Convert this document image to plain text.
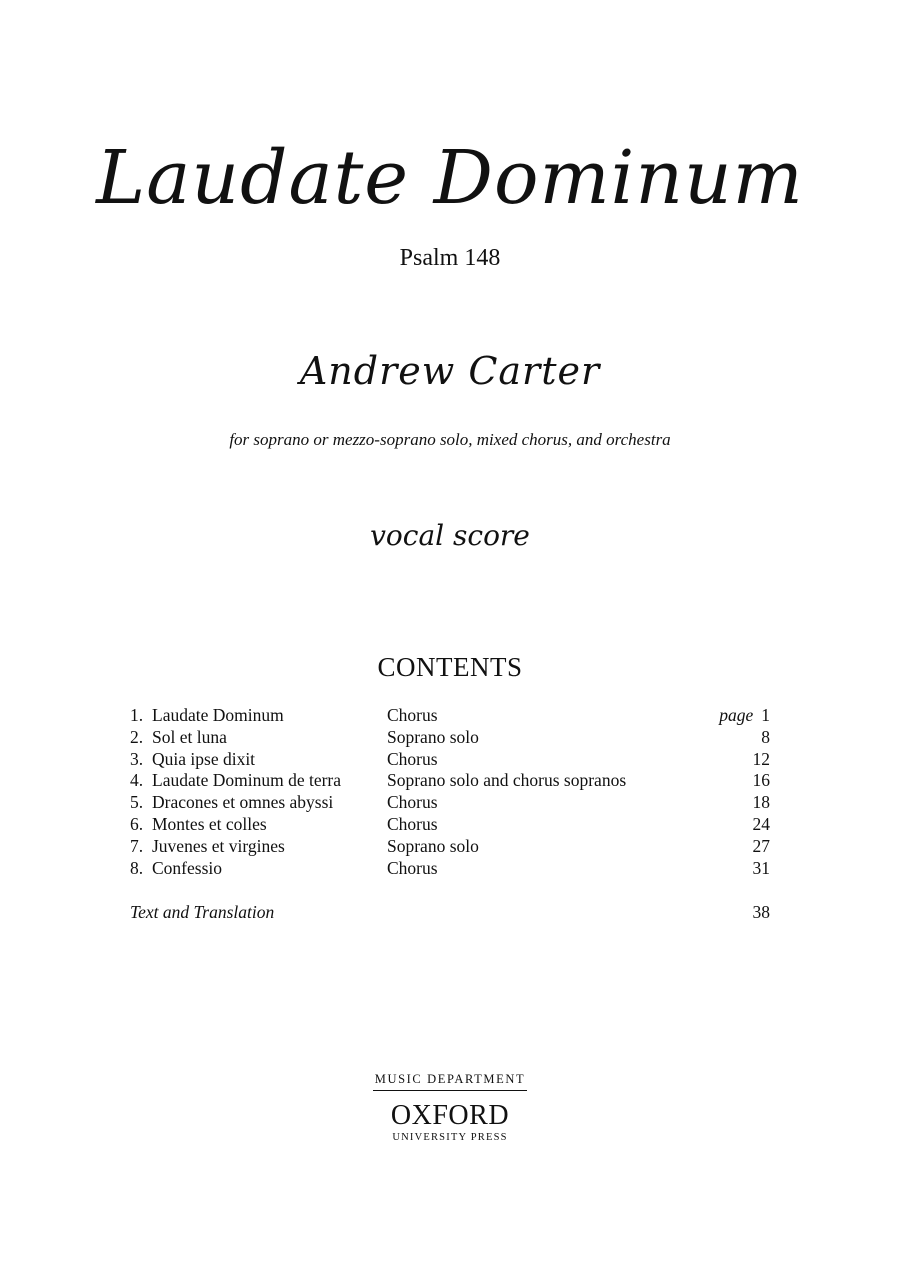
Laudate Dominum
Psalm 148
Andrew Carter
for soprano or mezzo-soprano solo, mixed chorus, and orchestra
vocal score
CONTENTS
1. Laudate Dominum	Chorus	page 1
2. Sol et luna	Soprano solo	8
3. Quia ipse dixit	Chorus	12
4. Laudate Dominum de terra	Soprano solo and chorus sopranos	16
5. Dracones et omnes abyssi	Chorus	18
6. Montes et colles	Chorus	24
7. Juvenes et virgines	Soprano solo	27
8. Confessio	Chorus	31
Text and Translation	38
MUSIC DEPARTMENT
OXFORD
UNIVERSITY PRESS
